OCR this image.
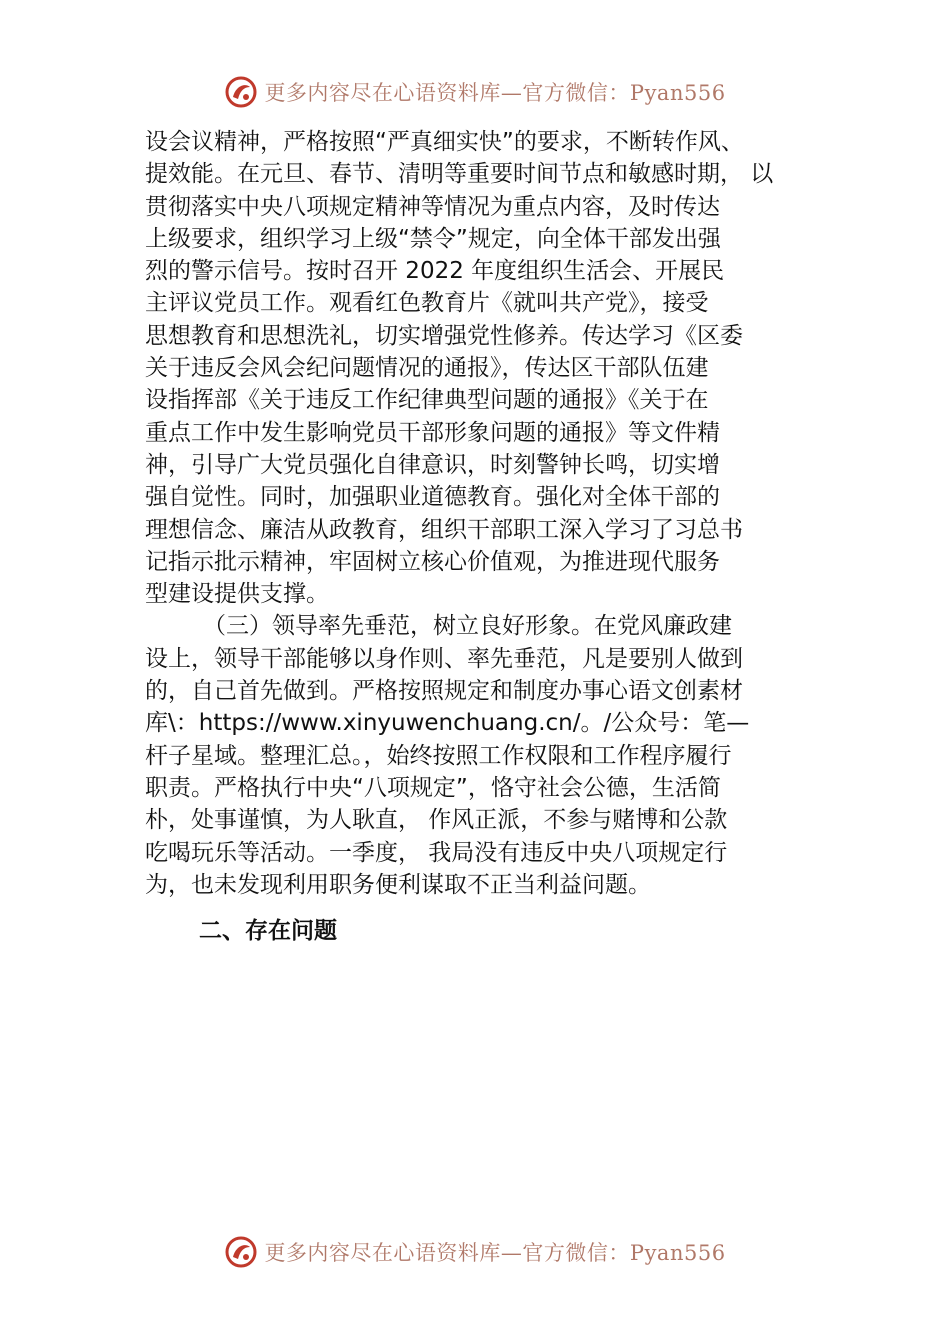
更多内容尽在心语资料库—官方微信：Pyan556

设会议精神，严格按照“严真细实快”的要求，不断转作风、
提效能。在元旦、春节、清明等重要时间节点和敏感时期， 以
贯彻落实中央八项规定精神等情况为重点内容，及时传达
上级要求，组织学习上级“禁令”规定，向全体干部发出强
烈的警示信号。按时召开 2022 年度组织生活会、开展民
主评议党员工作。观看红色教育片《就叫共产党》，接受
思想教育和思想洗礼，切实增强党性修养。传达学习《区委
关于违反会风会纪问题情况的通报》，传达区干部队伍建
设指挥部《关于违反工作纪律典型问题的通报》《关于在
重点工作中发生影响党员干部形象问题的通报》等文件精
神，引导广大党员强化自律意识，时刻警钟长鸣，切实增
强自觉性。同时，加强职业道德教育。强化对全体干部的
理想信念、廉洁从政教育，组织干部职工深入学习了习总书
记指示批示精神，牢固树立核心价值观，为推进现代服务
型建设提供支撑。

（三）领导率先垂范，树立良好形象。在党风廉政建
设上，领导干部能够以身作则、率先垂范，凡是要别人做到
的，自己首先做到。严格按照规定和制度办事心语文创素材
库\：https://www.xinyuwenchuang.cn/。/公众号：笔—
杆子星域。整理汇总。，始终按照工作权限和工作程序履行
职责。严格执行中央“八项规定”，恪守社会公德，生活简
朴，处事谨慎，为人耿直， 作风正派，不参与赌博和公款
吃喝玩乐等活动。一季度， 我局没有违反中央八项规定行
为，也未发现利用职务便利谋取不正当利益问题。

二、存在问题

更多内容尽在心语资料库—官方微信：Pyan556
